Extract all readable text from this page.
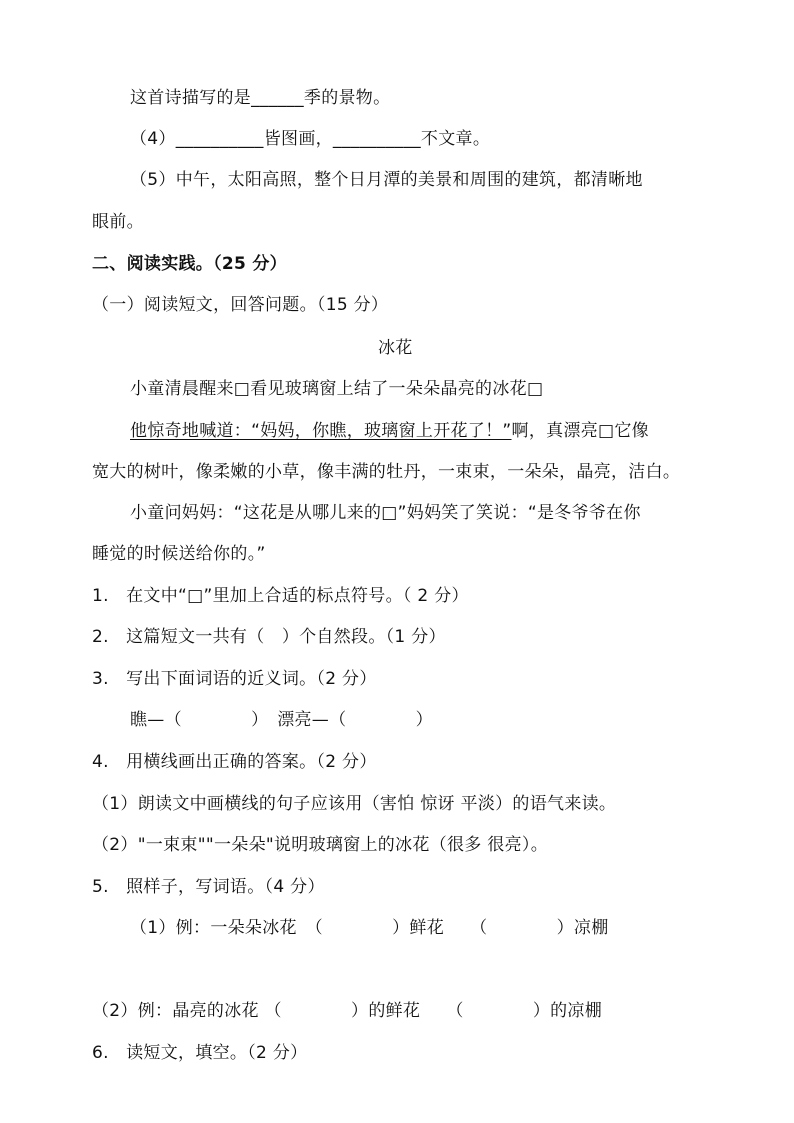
这首诗描写的是______季的景物。
（4）__________皆图画，__________不文章。
（5）中午，太阳高照，整个日月潭的美景和周围的建筑，都清晰地
眼前。
二、阅读实践。（25 分）
（一）阅读短文，回答问题。（15 分）
冰花
小童清晨醒来□看见玻璃窗上结了一朵朵晶亮的冰花□
他惊奇地喊道：“妈妈，你瞧，玻璃窗上开花了！”啊，真漂亮□它像
宽大的树叶，像柔嫩的小草，像丰满的牡丹，一束束，一朵朵，晶亮，洁白。
小童问妈妈：“这花是从哪儿来的□”妈妈笑了笑说：“是冬爷爷在你
睡觉的时候送给你的。”
1.　在文中“□”里加上合适的标点符号。（ 2 分）
2.　这篇短文一共有（　）个自然段。（1 分）
3.　写出下面词语的近义词。（2 分）
瞧—（　　　　）　漂亮—（　　　　）
4.　用横线画出正确的答案。（2 分）
（1）朗读文中画横线的句子应该用（害怕 惊讶 平淡）的语气来读。
（2）"一束束""一朵朵"说明玻璃窗上的冰花（很多 很亮）。
5.　照样子，写词语。（4 分）
（1）例：一朵朵冰花　（　　　　）鲜花　　（　　　　）凉棚
（2）例：晶亮的冰花 （　　　　）的鲜花　　（　　　　）的凉棚
6.　读短文，填空。（2 分）
